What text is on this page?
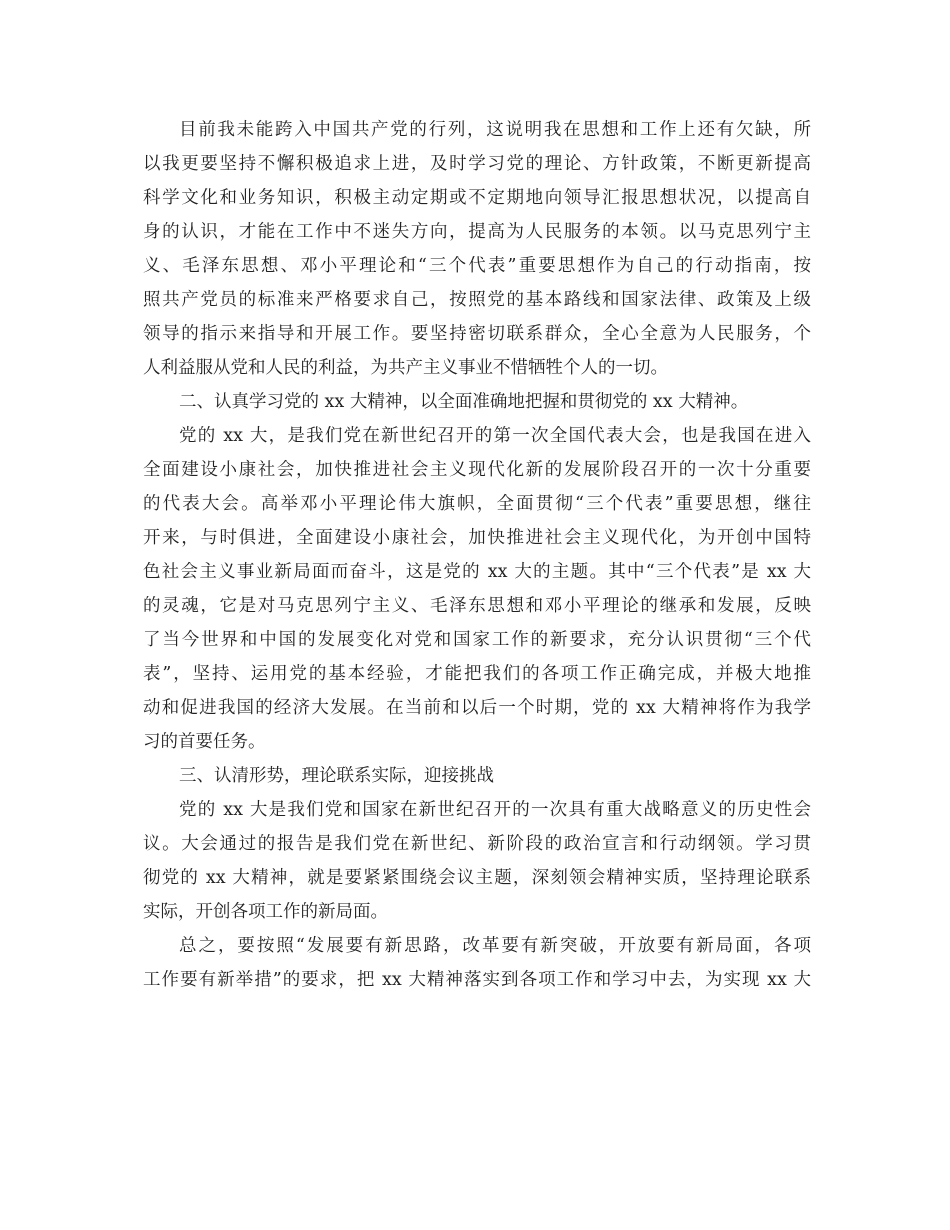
目前我未能跨入中国共产党的行列，这说明我在思想和工作上还有欠缺，所
以我更要坚持不懈积极追求上进，及时学习党的理论、方针政策，不断更新提高
科学文化和业务知识，积极主动定期或不定期地向领导汇报思想状况，以提高自
身的认识，才能在工作中不迷失方向，提高为人民服务的本领。以马克思列宁主
义、毛泽东思想、邓小平理论和“三个代表”重要思想作为自己的行动指南，按
照共产党员的标准来严格要求自己，按照党的基本路线和国家法律、政策及上级
领导的指示来指导和开展工作。要坚持密切联系群众，全心全意为人民服务，个
人利益服从党和人民的利益，为共产主义事业不惜牺牲个人的一切。
二、认真学习党的 xx 大精神，以全面准确地把握和贯彻党的 xx 大精神。
党的 xx 大，是我们党在新世纪召开的第一次全国代表大会，也是我国在进入
全面建设小康社会，加快推进社会主义现代化新的发展阶段召开的一次十分重要
的代表大会。高举邓小平理论伟大旗帜，全面贯彻“三个代表”重要思想，继往
开来，与时俱进，全面建设小康社会，加快推进社会主义现代化，为开创中国特
色社会主义事业新局面而奋斗，这是党的 xx 大的主题。其中“三个代表”是 xx 大
的灵魂，它是对马克思列宁主义、毛泽东思想和邓小平理论的继承和发展，反映
了当今世界和中国的发展变化对党和国家工作的新要求，充分认识贯彻“三个代
表”，坚持、运用党的基本经验，才能把我们的各项工作正确完成，并极大地推
动和促进我国的经济大发展。在当前和以后一个时期，党的 xx 大精神将作为我学
习的首要任务。
三、认清形势，理论联系实际，迎接挑战
党的 xx 大是我们党和国家在新世纪召开的一次具有重大战略意义的历史性会
议。大会通过的报告是我们党在新世纪、新阶段的政治宣言和行动纲领。学习贯
彻党的 xx 大精神，就是要紧紧围绕会议主题，深刻领会精神实质，坚持理论联系
实际，开创各项工作的新局面。
总之，要按照“发展要有新思路，改革要有新突破，开放要有新局面，各项
工作要有新举措”的要求，把 xx 大精神落实到各项工作和学习中去，为实现 xx 大
